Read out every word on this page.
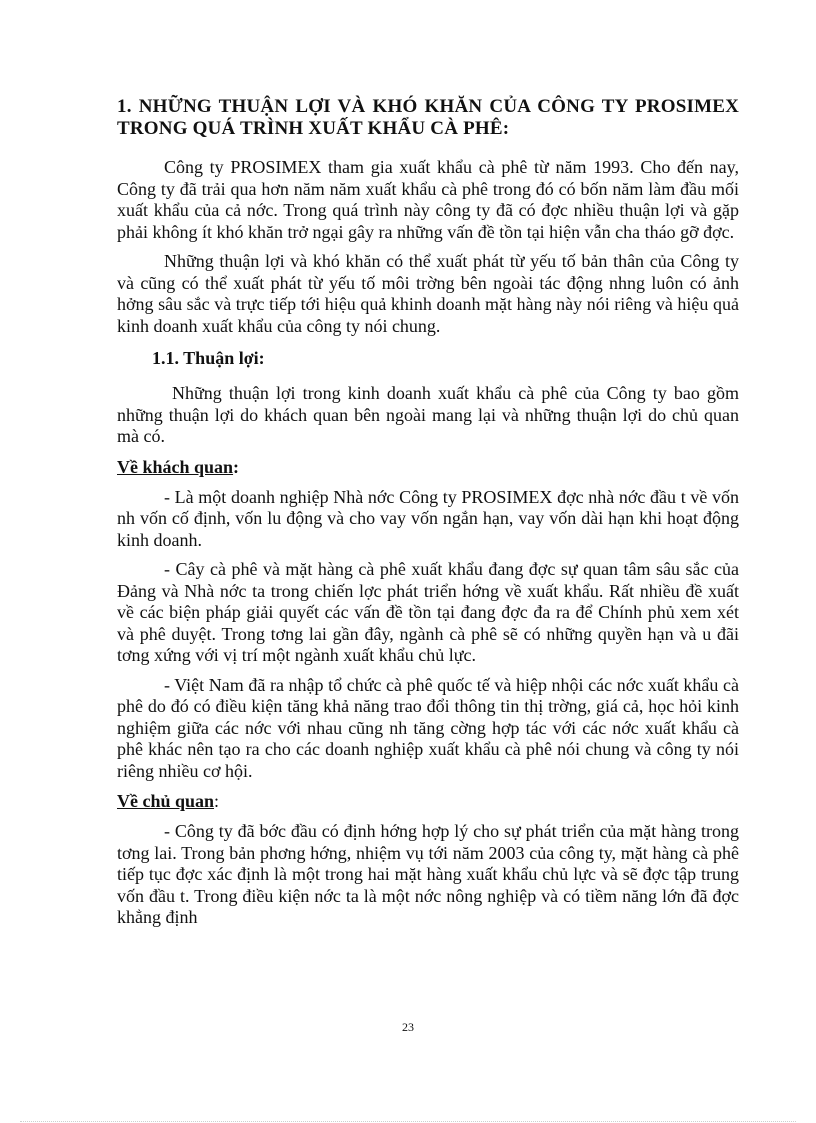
1. NHỮNG THUẬN LỢI VÀ KHÓ KHĂN CỦA CÔNG TY PROSIMEX TRONG QUÁ TRÌNH XUẤT KHẨU CÀ PHÊ:

Công ty PROSIMEX tham gia xuất khẩu cà phê từ năm 1993. Cho đến nay, Công ty đã trải qua hơn năm năm xuất khẩu cà phê trong đó có bốn năm làm đầu mối xuất khẩu của cả nớc. Trong quá trình này công ty đã có đợc nhiều thuận lợi và gặp phải không ít khó khăn trở ngại gây ra những vấn đề tồn tại hiện vẫn cha tháo gỡ đợc.

Những thuận lợi và khó khăn có thể xuất phát từ yếu tố bản thân của Công ty và cũng có thể xuất phát từ yếu tố môi trờng bên ngoài tác động nhng luôn có ảnh hởng sâu sắc và trực tiếp tới hiệu quả khinh doanh mặt hàng này nói riêng và hiệu quả kinh doanh xuất khẩu của công ty nói chung.

1.1. Thuận lợi:

Những thuận lợi trong kinh doanh xuất khẩu cà phê của Công ty bao gồm những thuận lợi do khách quan bên ngoài mang lại và những thuận lợi do chủ quan mà có.

Về khách quan:

- Là một doanh nghiệp Nhà nớc Công ty PROSIMEX đợc nhà nớc đầu t về vốn nh vốn cố định, vốn lu động và cho vay vốn ngắn hạn, vay vốn dài hạn khi hoạt động kinh doanh.

- Cây cà phê và mặt hàng cà phê xuất khẩu đang đợc sự quan tâm sâu sắc của Đảng và Nhà nớc ta trong chiến lợc phát triển hớng về xuất khẩu. Rất nhiều đề xuất về các biện pháp giải quyết các vấn đề tồn tại đang đợc đa ra để Chính phủ xem xét và phê duyệt. Trong tơng lai gần đây, ngành cà phê sẽ có những quyền hạn và u đãi tơng xứng với vị trí một ngành xuất khẩu chủ lực.

- Việt Nam đã ra nhập tổ chức cà phê quốc tế và hiệp nhội các nớc xuất khẩu cà phê do đó có điều kiện tăng khả năng trao đổi thông tin thị trờng, giá cả, học hỏi kinh nghiệm giữa các nớc với nhau cũng nh tăng cờng hợp tác với các nớc xuất khẩu cà phê khác nên tạo ra cho các doanh nghiệp xuất khẩu cà phê nói chung và công ty nói riêng nhiều cơ hội.

Về chủ quan:

- Công ty đã bớc đầu có định hớng hợp lý cho sự phát triển của mặt hàng trong tơng lai. Trong bản phơng hớng, nhiệm vụ tới năm 2003 của công ty, mặt hàng cà phê tiếp tục đợc xác định là một trong hai mặt hàng xuất khẩu chủ lực và sẽ đợc tập trung vốn đầu t. Trong điều kiện nớc ta là một nớc nông nghiệp và có tiềm năng lớn đã đợc khẳng định

23
